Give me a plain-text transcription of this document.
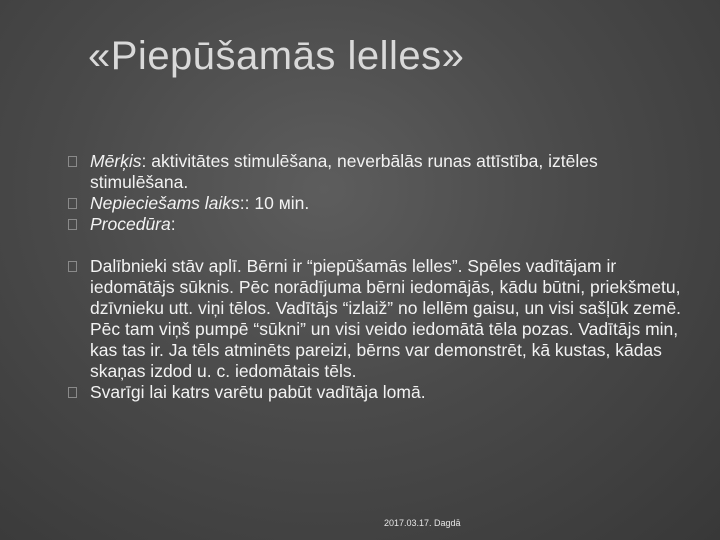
«Piepūšamās lelles»
Mērķis: aktivitātes stimulēšana, neverbālās runas attīstība, iztēles stimulēšana.
Nepieciešams laiks:: 10 мin.
Procedūra:
Dalībnieki stāv aplī. Bērni ir “piepūšamās lelles”. Spēles vadītājam ir iedomātājs sūknis. Pēc norādījuma bērni iedomājās, kādu būtni, priekšmetu, dzīvnieku utt. viņi tēlos. Vadītājs “izlaiž” no lellēm gaisu, un visi sašļūk zemē. Pēc tam viņš pumpē “sūkni” un visi veido iedomātā tēla pozas. Vadītājs min, kas tas ir. Ja tēls atminēts pareizi, bērns var demonstrēt, kā kustas, kādas skaņas izdod u. c. iedomātais tēls.
Svarīgi lai katrs varētu pabūt vadītāja lomā.
2017.03.17. Dagdā
